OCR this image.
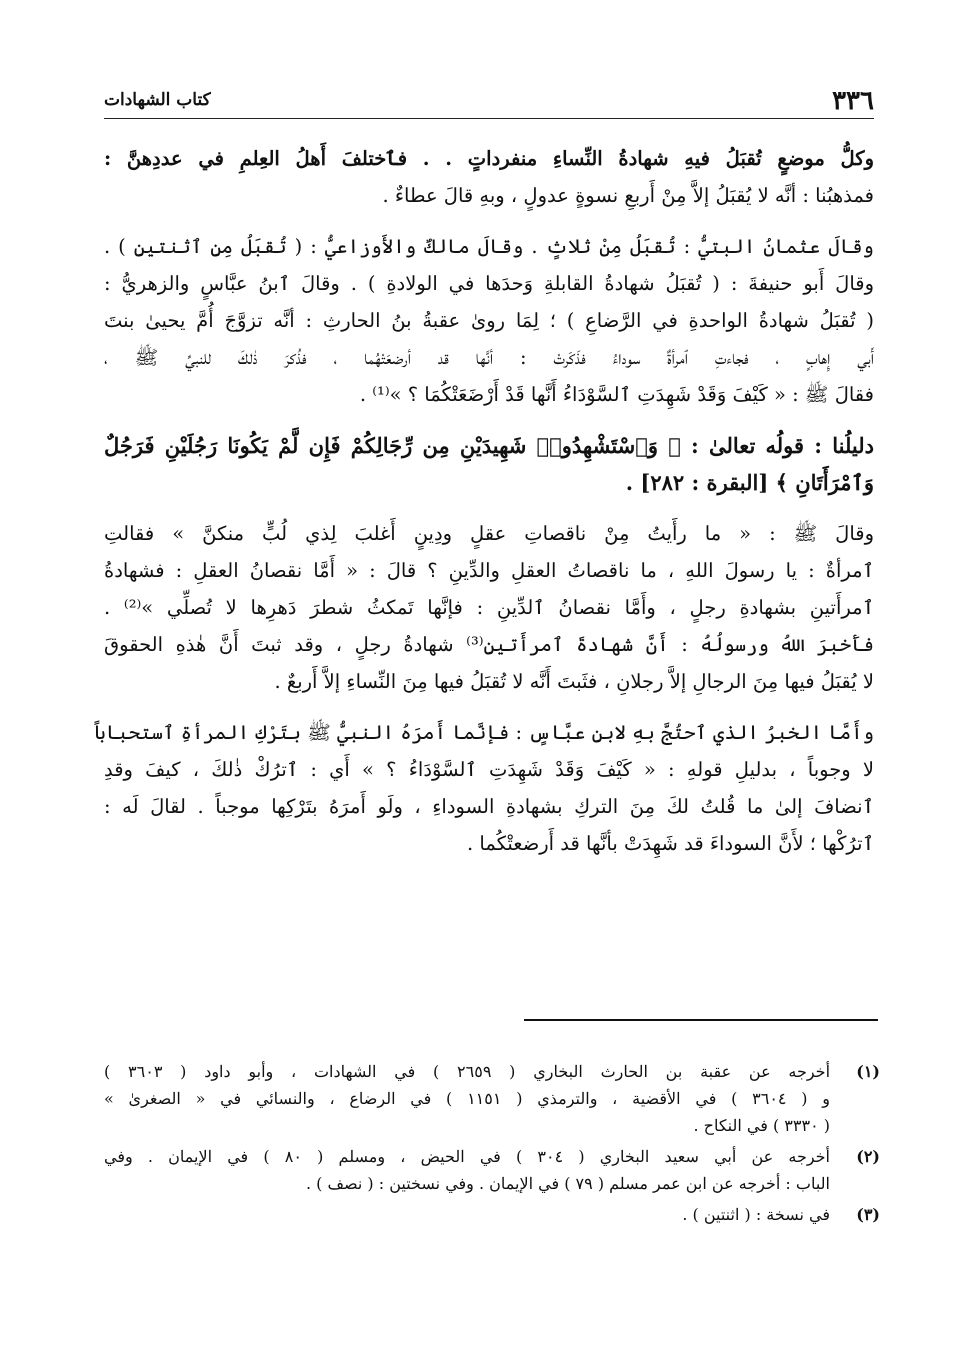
٣٣٦
كتاب الشهادات

وكلُّ موضعٍ تُقبَلُ فيهِ شهادةُ النِّساءِ منفرداتٍ . . فٱختلفَ أَهلُ العِلمِ في عددِهنَّ :
فمذهبُنا : أنَّه لا يُقبَلُ إلاَّ مِنْ أَربعِ نسوةٍ عدولٍ ، وبهِ قالَ عطاءٌ .

وقالَ عثمانُ البتيُّ : تُقبَلُ مِنْ ثلاثٍ . وقالَ مالكٌ والأَوزاعيُّ : ( تُقبَلُ مِنِ ٱثنتينِ ) .
وقالَ أَبو حنيفةَ : ( تُقبَلُ شهادةُ القابلةِ وَحدَها في الولادةِ ) . وقالَ ٱبنُ عبَّاسٍ والزهريُّ :
( تُقبَلُ شهادةُ الواحدةِ في الرَّضاعِ ) ؛ لِمَا روىٰ عقبةُ بنُ الحارثِ : أنَّه تزوَّجَ أُمَّ يحيىٰ بنتَ
أَبي إِهابٍ ، فجاءتِ ٱمرأةٌ سوداءُ فذَكَرتْ : أنَّها قد أرضعَتْهُما ، فذُكرَ ذٰلكَ للنبيِّ ﷺ ،
فقالَ ﷺ : « كَيْفَ وَقَدْ شَهِدَتِ ٱلسَّوْدَاءُ أَنَّها قَدْ أَرْضَعَتْكُمَا ؟ »⁽¹⁾ .

دليلُنا : قولُه تعالىٰ : ﴿ وَٱسْتَشْهِدُوا۟ شَهِيدَيْنِ مِن رِّجَالِكُمْ فَإِن لَّمْ يَكُونَا رَجُلَيْنِ فَرَجُلٌ
وَٱمْرَأَتَانِ ﴾ [البقرة : ٢٨٢] .

وقالَ ﷺ : « ما رأَيتُ مِنْ ناقصاتِ عقلٍ ودِينٍ أَغلبَ لِذي لُبٍّ منكنَّ » فقالتِ
ٱمرأةٌ : يا رسولَ اللهِ ، ما ناقصاتُ العقلِ والدِّينِ ؟ قالَ : « أَمَّا نقصانُ العقلِ : فشهادةُ
ٱمرأَتينِ بشهادةِ رجلٍ ، وأَمَّا نقصانُ ٱلدِّينِ : فإنَّها تَمكثُ شطرَ دَهرِها لا تُصلِّي »⁽²⁾ .
فأَخبرَ اللهُ ورسولُهُ : أَنَّ شهادةَ ٱمرأَتينِ⁽³⁾ شهادةُ رجلٍ ، وقد ثبتَ أَنَّ هٰذهِ الحقوقَ
لا يُقبَلُ فيها مِنَ الرجالِ إلاَّ رجلانِ ، فثَبتَ أَنَّه لا تُقبَلُ فيها مِنَ النِّساءِ إلاَّ أَربعٌ .

وأَمَّا الخبرُ الذي ٱحتُجَّ بهِ لابنِ عبَّاسٍ : فإنَّما أَمرَهُ النبيُّ ﷺ بتَرْكِ المرأةِ ٱستحباباً
لا وجوباً ، بدليلِ قولهِ : « كَيْفَ وَقَدْ شَهِدَتِ ٱلسَّوْدَاءُ ؟ » أَي : ٱترُكْ ذٰلكَ ، كيفَ وقدِ
ٱنضافَ إلىٰ ما قُلتُ لكَ مِنَ التركِ بشهادةِ السوداءِ ، ولَو أَمرَهُ بتَرْكِها موجباً . لقالَ لَه :
ٱترُكْها ؛ لأَنَّ السوداءَ قد شَهِدَتْ بأنَّها قد أَرضعتْكُما .

(١)
أخرجه عن عقبة بن الحارث البخاري ( ٢٦٥٩ ) في الشهادات ، وأبو داود ( ٣٦٠٣ )
و ( ٣٦٠٤ ) في الأقضية ، والترمذي ( ١١٥١ ) في الرضاع ، والنسائي في « الصغرىٰ »
( ٣٣٣٠ ) في النكاح .
(٢)
أخرجه عن أبي سعيد البخاري ( ٣٠٤ ) في الحيض ، ومسلم ( ٨٠ ) في الإيمان . وفي
الباب : أخرجه عن ابن عمر مسلم ( ٧٩ ) في الإيمان . وفي نسختين : ( نصف ) .
(٣)
في نسخة : ( اثنتين ) .
